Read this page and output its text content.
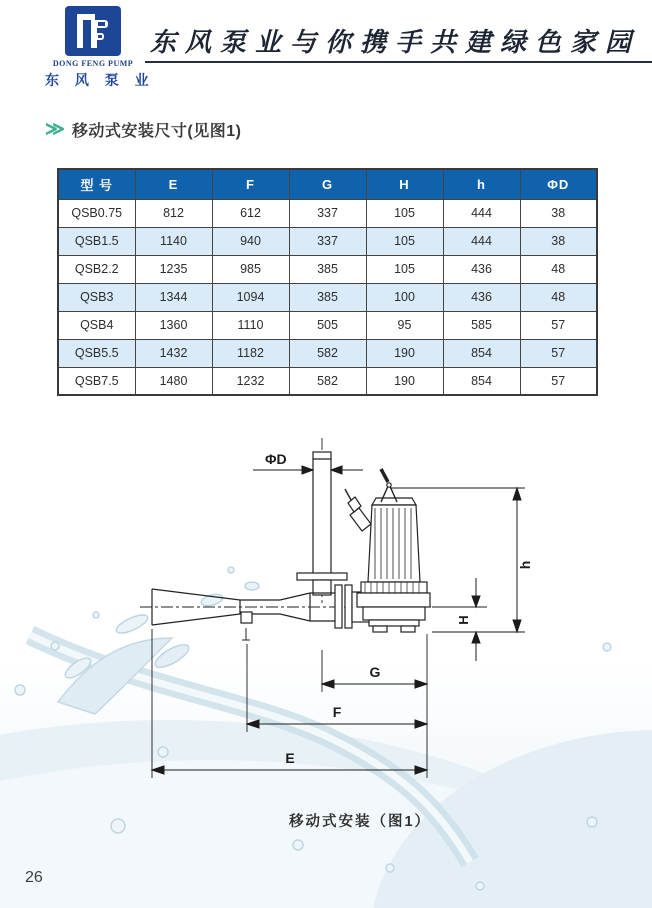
DONG FENG PUMP
东 风 泵 业
东风泵业与你携手共建绿色家园
≫ 移动式安装尺寸(见图1)
型 号	E	F	G	H	h	ΦD
QSB0.75	812	612	337	105	444	38
QSB1.5	1140	940	337	105	444	38
QSB2.2	1235	985	385	105	436	48
QSB3	1344	1094	385	100	436	48
QSB4	1360	1110	505	95	585	57
QSB5.5	1432	1182	582	190	854	57
QSB7.5	1480	1232	582	190	854	57
ΦD
h
H
G
F
E
移动式安装（图1）
26
